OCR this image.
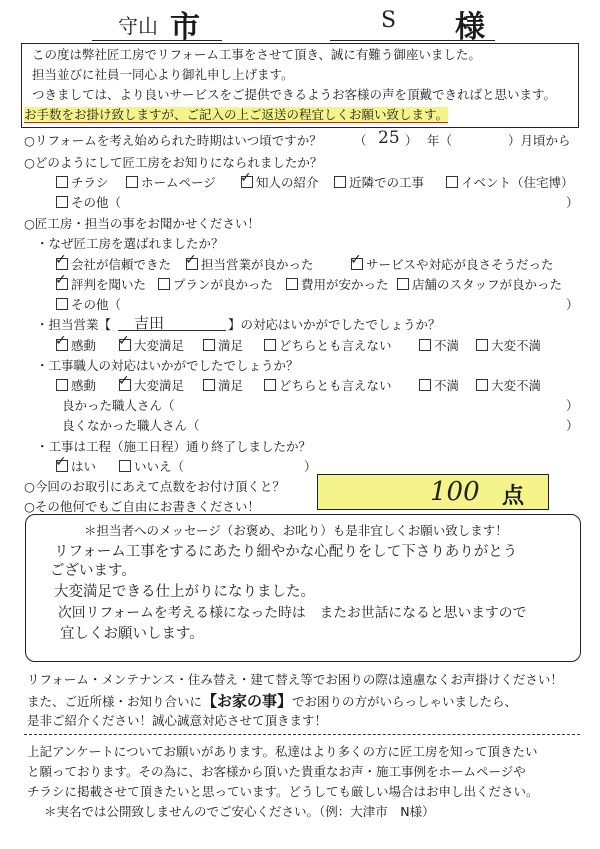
守山 市	S 様
この度は弊社匠工房でリフォーム工事をさせて頂き、誠に有難う御座いました。
担当並びに社員一同心より御礼申し上げます。
つきましては、より良いサービスをご提供できるようお客様の声を頂戴できればと思います。
お手数をお掛け致しますが、ご記入の上ご返送の程宜しくお願い致します。
○リフォームを考え始められた時期はいつ頃ですか？	（ 25 ） 年（	）月頃から
○どのようにして匠工房をお知りになられましたか？
チラシ	ホームページ ✓	知人の紹介	近隣での工事	イベント（住宅博）
その他（	）
○匠工房・担当の事をお聞かせください！
・なぜ匠工房を選ばれましたか？
✓会社が信頼できた ✓	担当営業が良かった ✓	サービスや対応が良さそうだった
✓評判を聞いた	プランが良かった	費用が安かった	店舗のスタッフが良かった
その他（	）
・担当営業【 吉田	】の対応はいかがでしたでしょうか？
✓感動 ✓	大変満足	満足	どちらとも言えない	不満	大変不満
・工事職人の対応はいかがでしたでしょうか？
感動 ✓	大変満足	満足	どちらとも言えない	不満	大変不満
良かった職人さん（	）
良くなかった職人さん（	）
・工事は工程（施工日程）通り終了しましたか？
✓はい	いいえ（	）
○今回のお取引にあえて点数をお付け頂くと？	100 点
○その他何でもご自由にお書きください！
＊担当者へのメッセージ（お褒め、お叱り）も是非宜しくお願い致します！
リフォーム工事をするにあたり細やかな心配りをして下さりありがとう
ございます。
大変満足できる仕上がりになりました。
次回リフォームを考える様になった時は　またお世話になると思いますので
宜しくお願いします。
リフォーム・メンテナンス・住み替え・建て替え等でお困りの際は遠慮なくお声掛けください！
また、ご近所様・お知り合いに【お家の事】でお困りの方がいらっしゃいましたら、
是非ご紹介ください！誠心誠意対応させて頂きます！
上記アンケートについてお願いがあります。私達はより多くの方に匠工房を知って頂きたい
と願っております。その為に、お客様から頂いた貴重なお声・施工事例をホームページや
チラシに掲載させて頂きたいと思っています。どうしても厳しい場合はお申し出ください。
＊実名では公開致しませんのでご安心ください。（例：大津市　N様）
